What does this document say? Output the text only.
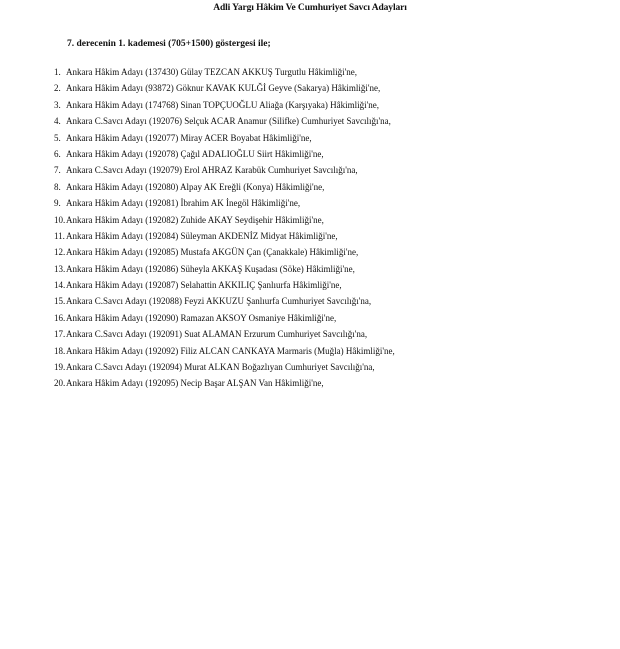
Adli Yargı Hâkim Ve Cumhuriyet Savcı Adayları
7. derecenin 1. kademesi (705+1500) göstergesi ile;
1. Ankara Hâkim Adayı (137430) Gülay TEZCAN AKKUŞ Turgutlu Hâkimliği'ne,
2. Ankara Hâkim Adayı (93872) Göknur KAVAK KULĞİ Geyve (Sakarya) Hâkimliği'ne,
3. Ankara Hâkim Adayı (174768) Sinan TOPÇUOĞLU Aliağa (Karşıyaka) Hâkimliği'ne,
4. Ankara C.Savcı Adayı (192076) Selçuk ACAR Anamur (Silifke) Cumhuriyet Savcılığı'na,
5. Ankara Hâkim Adayı (192077) Miray ACER Boyabat Hâkimliği'ne,
6. Ankara Hâkim Adayı (192078) Çağıl ADALIOĞLU Siirt Hâkimliği'ne,
7. Ankara C.Savcı Adayı (192079) Erol AHRAZ Karabük Cumhuriyet Savcılığı'na,
8. Ankara Hâkim Adayı (192080) Alpay AK Ereğli (Konya) Hâkimliği'ne,
9. Ankara Hâkim Adayı (192081) İbrahim AK İnegöl Hâkimliği'ne,
10. Ankara Hâkim Adayı (192082) Zuhide AKAY Seydişehir Hâkimliği'ne,
11. Ankara Hâkim Adayı (192084) Süleyman AKDENİZ Midyat Hâkimliği'ne,
12. Ankara Hâkim Adayı (192085) Mustafa AKGÜN Çan (Çanakkale) Hâkimliği'ne,
13. Ankara Hâkim Adayı (192086) Süheyla AKKAŞ Kuşadası (Söke) Hâkimliği'ne,
14. Ankara Hâkim Adayı (192087) Selahattin AKKILIÇ Şanlıurfa Hâkimliği'ne,
15. Ankara C.Savcı Adayı (192088) Feyzi AKKUZU Şanlıurfa Cumhuriyet Savcılığı'na,
16. Ankara Hâkim Adayı (192090) Ramazan AKSOY Osmaniye Hâkimliği'ne,
17. Ankara C.Savcı Adayı (192091) Suat ALAMAN Erzurum Cumhuriyet Savcılığı'na,
18. Ankara Hâkim Adayı (192092) Filiz ALCAN CANKAYA Marmaris (Muğla) Hâkimliği'ne,
19. Ankara C.Savcı Adayı (192094) Murat ALKAN Boğazlıyan Cumhuriyet Savcılığı'na,
20. Ankara Hâkim Adayı (192095) Necip Başar ALŞAN Van Hâkimliği'ne,
